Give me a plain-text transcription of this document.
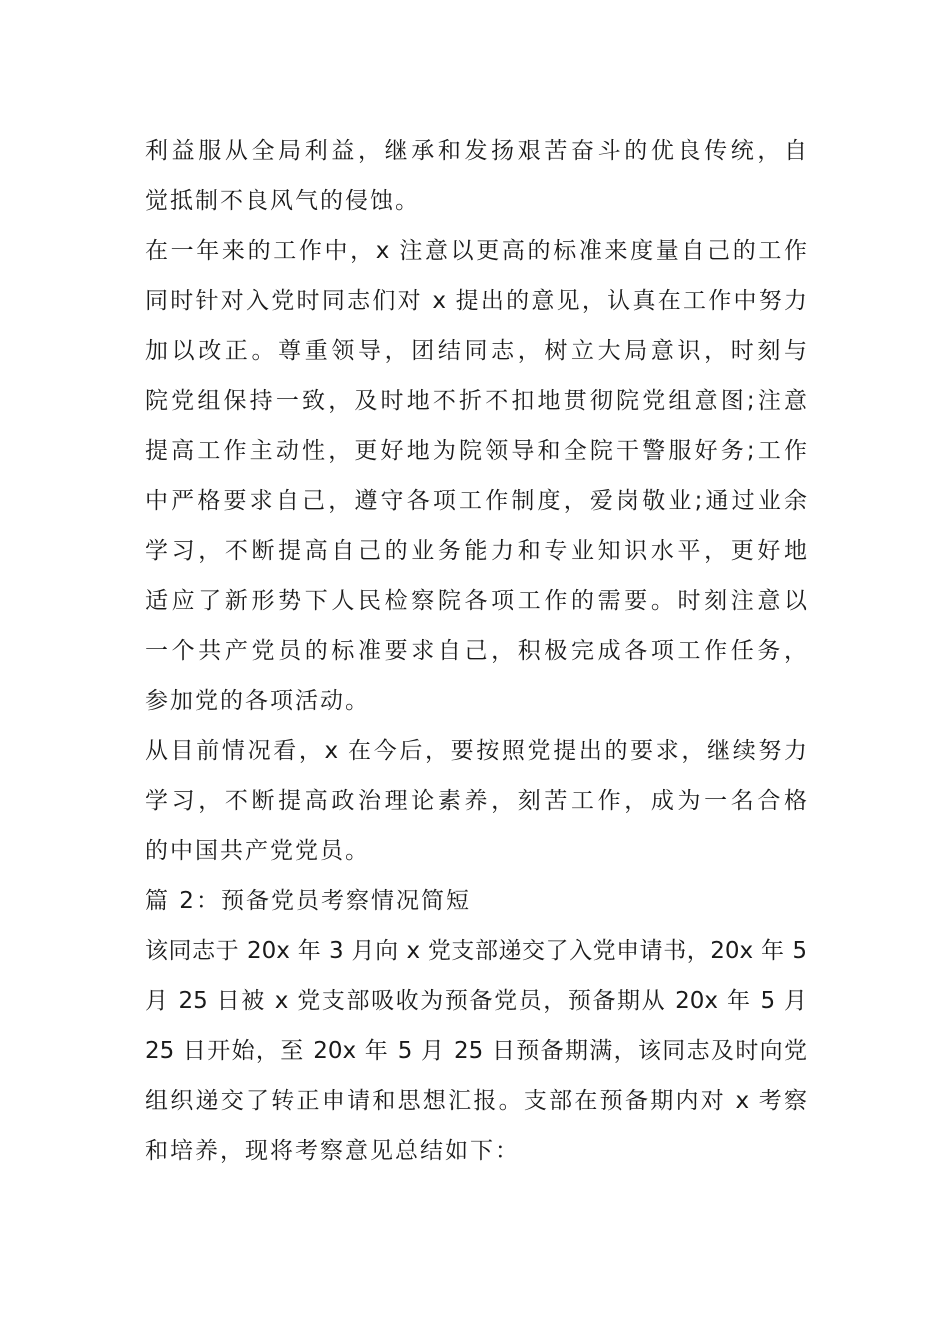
利益服从全局利益，继承和发扬艰苦奋斗的优良传统，自
觉抵制不良风气的侵蚀。
在一年来的工作中，x 注意以更高的标准来度量自己的工作
同时针对入党时同志们对 x 提出的意见，认真在工作中努力
加以改正。尊重领导，团结同志，树立大局意识，时刻与
院党组保持一致，及时地不折不扣地贯彻院党组意图;注意
提高工作主动性，更好地为院领导和全院干警服好务;工作
中严格要求自己，遵守各项工作制度，爱岗敬业;通过业余
学习，不断提高自己的业务能力和专业知识水平，更好地
适应了新形势下人民检察院各项工作的需要。时刻注意以
一个共产党员的标准要求自己，积极完成各项工作任务，
参加党的各项活动。
从目前情况看，x 在今后，要按照党提出的要求，继续努力
学习，不断提高政治理论素养，刻苦工作，成为一名合格
的中国共产党党员。
篇 2：预备党员考察情况简短
该同志于 20x 年 3 月向 x 党支部递交了入党申请书，20x 年 5
月 25 日被 x 党支部吸收为预备党员，预备期从 20x 年 5 月
25 日开始，至 20x 年 5 月 25 日预备期满，该同志及时向党
组织递交了转正申请和思想汇报。支部在预备期内对 x 考察
和培养，现将考察意见总结如下：
